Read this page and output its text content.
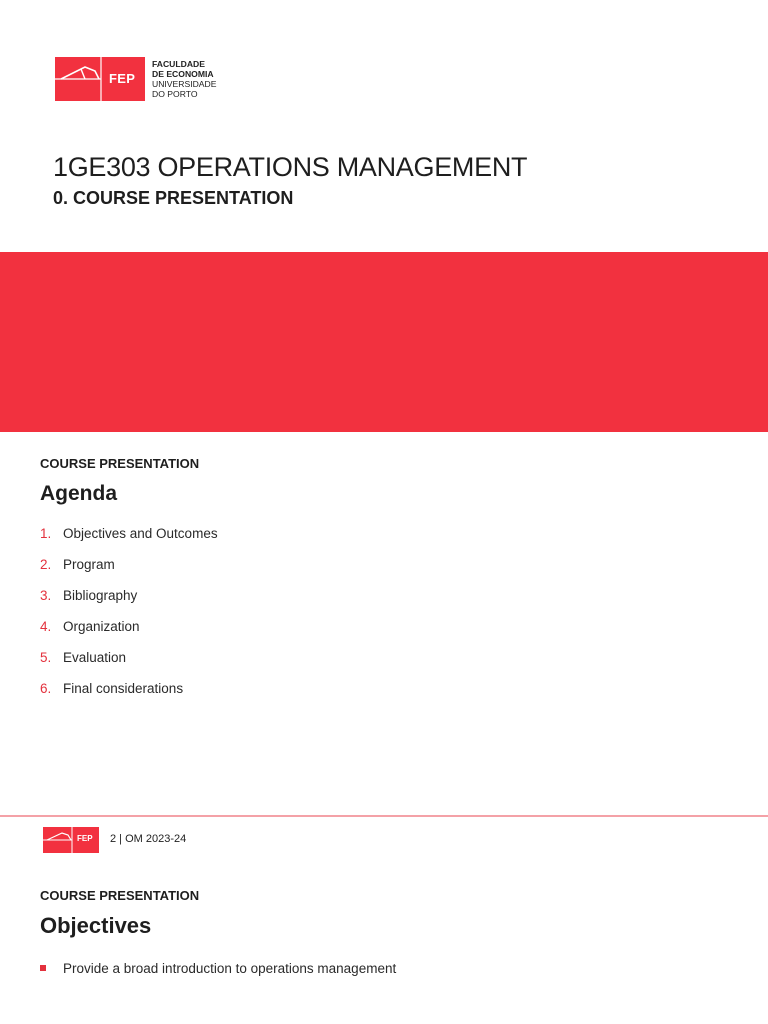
FEP
FACULDADE
DE ECONOMIA
UNIVERSIDADE
DO PORTO
1GE303 OPERATIONS MANAGEMENT
0. COURSE PRESENTATION
COURSE PRESENTATION
Agenda
1. Objectives and Outcomes
2. Program
3. Bibliography
4. Organization
5. Evaluation
6. Final considerations
FEP 2 | OM 2023-24
COURSE PRESENTATION
Objectives
Provide a broad introduction to operations management
